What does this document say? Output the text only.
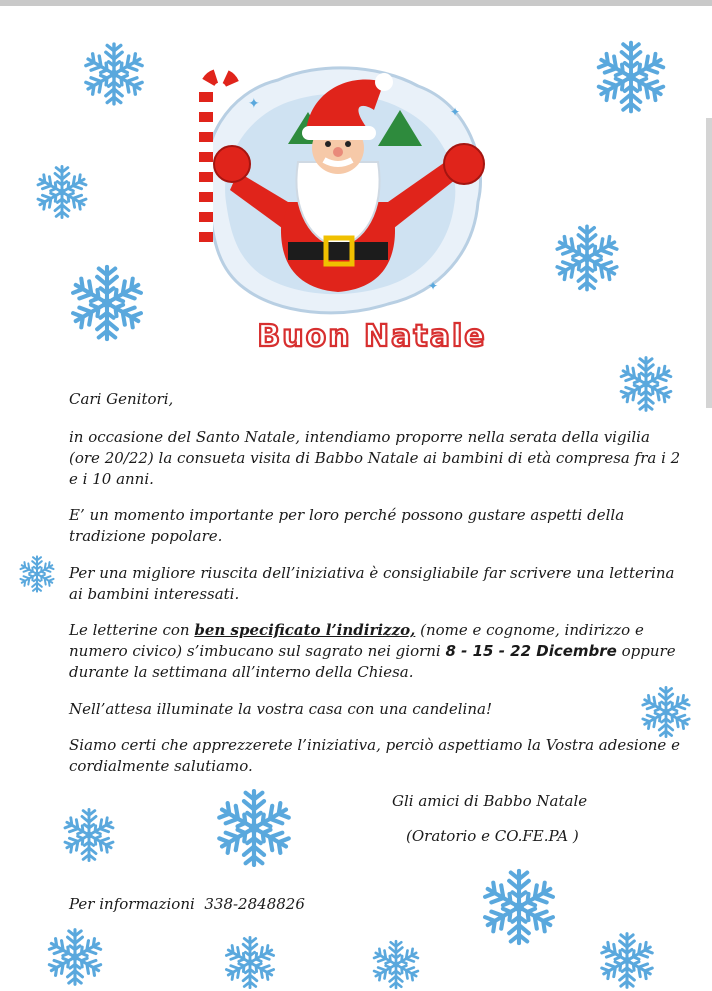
✦	✦
✦
Buon Natale

Cari Genitori,

in occasione del Santo Natale, intendiamo proporre nella serata della vigilia (ore 20/22) la consueta visita di Babbo Natale ai bambini di età compresa fra i 2 e i 10 anni.

E’ un momento importante per loro perché possono gustare aspetti della tradizione popolare.

Per una migliore riuscita dell’iniziativa è consigliabile far scrivere una letterina ai bambini interessati.

Le letterine con ben specificato l’indirizzo, (nome e cognome, indirizzo e numero civico) s’imbucano sul sagrato nei giorni 8 - 15 - 22 Dicembre oppure durante la settimana all’interno della Chiesa.

Nell’attesa illuminate la vostra casa con una candelina!

Siamo certi che apprezzerete l’iniziativa, perciò aspettiamo la Vostra adesione e cordialmente salutiamo.

Gli amici di Babbo Natale

(Oratorio e CO.FE.PA )

Per informazioni 338-2848826
